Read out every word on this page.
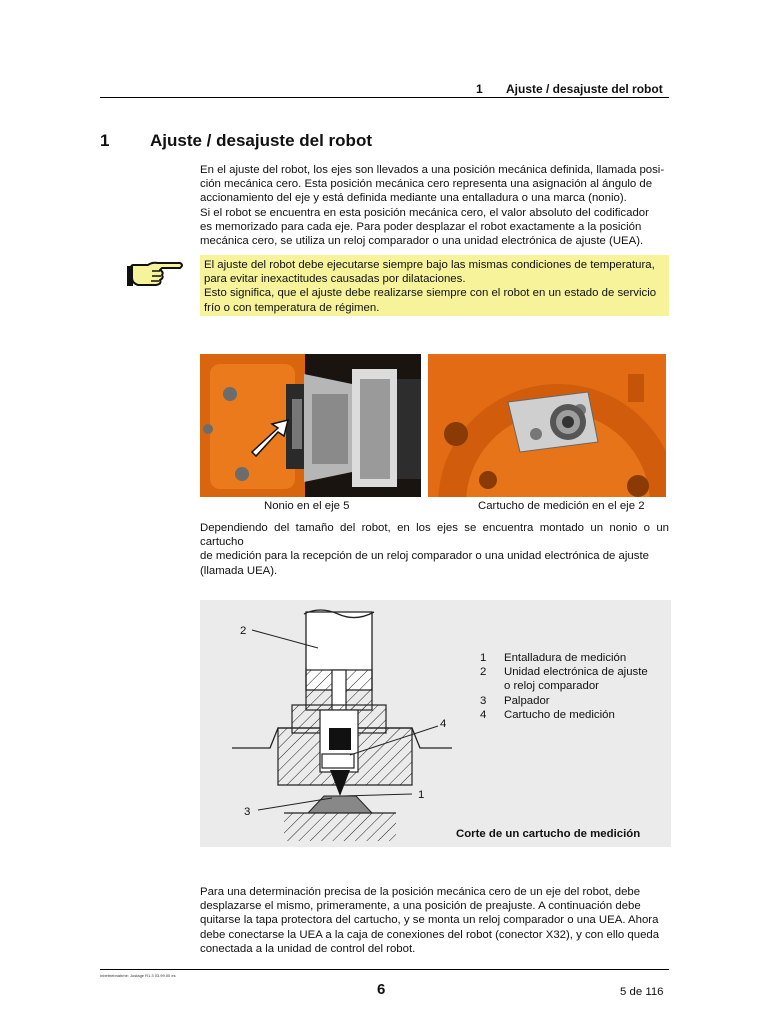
1 Ajuste / desajuste del robot
1 Ajuste / desajuste del robot
En el ajuste del robot, los ejes son llevados a una posición mecánica definida, llamada posi-
ción mecánica cero. Esta posición mecánica cero representa una asignación al ángulo de
accionamiento del eje y está definida mediante una entalladura o una marca (nonio).
Si el robot se encuentra en esta posición mecánica cero, el valor absoluto del codificador
es memorizado para cada eje. Para poder desplazar el robot exactamente a la posición
mecánica cero, se utiliza un reloj comparador o una unidad electrónica de ajuste (UEA).
El ajuste del robot debe ejecutarse siempre bajo las mismas condiciones de temperatura,
para evitar inexactitudes causadas por dilataciones.
Esto significa, que el ajuste debe realizarse siempre con el robot en un estado de servicio
frío o con temperatura de régimen.
Nonio en el eje 5	Cartucho de medición en el eje 2
Dependiendo del tamaño del robot, en los ejes se encuentra montado un nonio o un cartucho
de medición para la recepción de un reloj comparador o una unidad electrónica de ajuste
(llamada UEA).
2
4
1
3
1	Entalladura de medición
2	Unidad electrónica de ajuste
o reloj comparador
3	Palpador
4	Cartucho de medición
Corte de un cartucho de medición
Para una determinación precisa de la posición mecánica cero de un eje del robot, debe
desplazarse el mismo, primeramente, a una posición de preajuste. A continuación debe
quitarse la tapa protectora del cartucho, y se monta un reloj comparador o una UEA. Ahora
debe conectarse la UEA a la caja de conexiones del robot (conector X32), y con ello queda
conectada a la unidad de control del robot.
Inbetriebnahme: Justage R1.3 03.99.00 es
6	5 de 116
